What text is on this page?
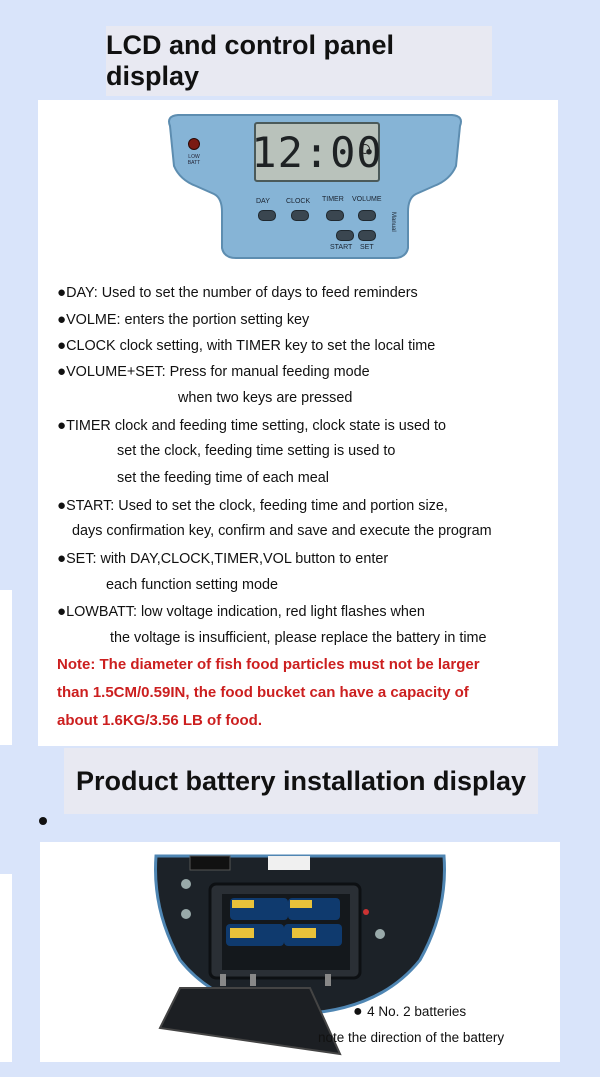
LCD and control panel display
LOW BATT 12:00
DAY CLOCK TIMER VOLUME
START SET
Manual
●DAY: Used to set the number of days to feed reminders
●VOLME: enters the portion setting key
●CLOCK clock setting, with TIMER key to set the local time
●VOLUME+SET: Press for manual feeding mode
when two keys are pressed
●TIMER clock and feeding time setting, clock state is used to
set the clock, feeding time setting is used to
set the feeding time of each meal
●START: Used to set the clock, feeding time and portion size,
days confirmation key, confirm and save and execute the program
●SET: with DAY,CLOCK,TIMER,VOL button to enter
each function setting mode
●LOWBATT: low voltage indication, red light flashes when
the voltage is insufficient, please replace the battery in time
Note: The diameter of fish food particles must not be larger
than 1.5CM/0.59IN, the food bucket can have a capacity of
about 1.6KG/3.56 LB of food.
Product battery installation display
● 4 No. 2 batteries
note the direction of the battery
